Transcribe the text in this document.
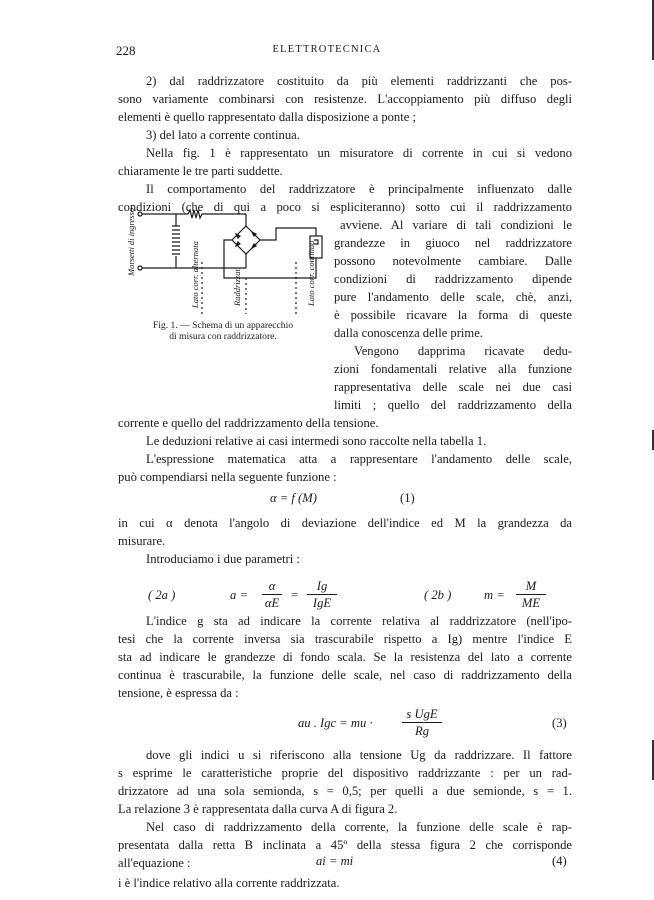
228	ELETTROTECNICA
2) dal raddrizzatore costituito da più elementi raddrizzanti che pos-
sono variamente combinarsi con resistenze. L'accoppiamento più diffuso degli
elementi è quello rappresentato dalla disposizione a ponte ;
3) del lato a corrente continua.
Nella fig. 1 è rappresentato un misuratore di corrente in cui si vedono
chiaramente le tre parti suddette.
Il comportamento del raddrizzatore è principalmente influenzato dalle
condizioni (che di qui a poco si espliciteranno) sotto cui il raddrizzamento
Morsetti di ingresso	Lato corr. alternata	Raddrizzat.	Lato corr. continua
Fig. 1. — Schema di un apparecchio
di misura con raddrizzatore.
avviene. Al variare di tali condizioni le
grandezze in giuoco nel raddrizzatore
possono notevolmente cambiare. Dalle
condizioni di raddrizzamento dipende
pure l'andamento delle scale, chè, anzi,
è possibile ricavare la forma di queste
dalla conoscenza delle prime.
Vengono dapprima ricavate dedu-
zioni fondamentali relative alla funzione
rappresentativa delle scale nei due casi
limiti ; quello del raddrizzamento della
corrente e quello del raddrizzamento della tensione.
Le deduzioni relative ai casi intermedi sono raccolte nella tabella 1.
L'espressione matematica atta a rappresentare l'andamento delle scale,
può compendiarsi nella seguente funzione :
α = f (M)	(1)
in cui α denota l'angolo di deviazione dell'indice ed M la grandezza da
misurare.
Introduciamo i due parametri :
( 2a )	$a = \frac{\alpha}{\alpha E}$ =
Ig
IgE
( 2b )	$m = \frac{M}{ME}$
L'indice g sta ad indicare la corrente relativa al raddrizzatore (nell'ipo-
tesi che la corrente inversa sia trascurabile rispetto a Ig) mentre l'indice E
sta ad indicare le grandezze di fondo scala. Se la resistenza del lato a corrente
continua è trascurabile, la funzione delle scale, nel caso di raddrizzamento della
tensione, è espressa da :
au . Igc = mu ·
s UgE
Rg
(3)
dove gli indici u si riferiscono alla tensione Ug da raddrizzare. Il fattore
s esprime le caratteristiche proprie del dispositivo raddrizzante : per un rad-
drizzatore ad una sola semionda, s = 0,5; per quelli a due semionde, s = 1.
La relazione 3 è rappresentata dalla curva A di figura 2.
Nel caso di raddrizzamento della corrente, la funzione delle scale è rap-
presentata dalla retta B inclinata a 45º della stessa figura 2 che corrisponde
all'equazione :	ai = mi	(4)
i è l'indice relativo alla corrente raddrizzata.
